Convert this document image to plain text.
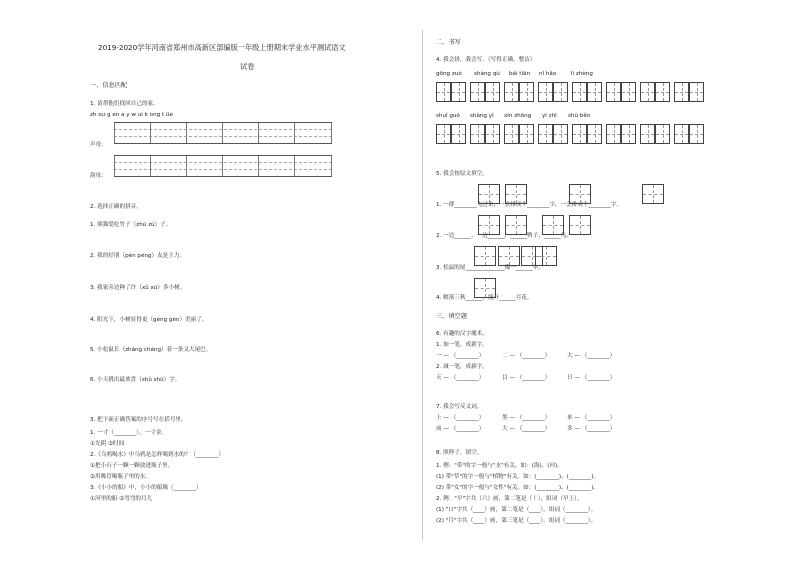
2019-2020学年河南省郑州市高新区部编版一年级上册期末学业水平测试语文
试卷
一、信息匹配
1. 请帮他们找回自己的家。
zh ou g en a y w ui k ong t üe
声母：
韵母：
2. 选择正确的拼音。
1. 熊猫爱吃竹子（zhú zú）子。
2. 我的好朋（pén péng）友是王力。
3. 我家旁边种了许（xǔ xú）多小树。
4. 阳光下，小树显得更（gèng gèn）美丽了。
5. 小松鼠长（zhǎng cháng）着一条又大尾巴。
6. 小天挑出最欢喜（shǔ shū）字。
3. 把下面正确答案的序号写在括号里。
1. 一寸（________），一寸金。
①光阴 ②时间
2.《乌鸦喝水》中乌鸦是怎样喝到水的？（________）
①把小石子一颗一颗放进瓶子里。
②用吸管喝瓶子里的水。
3.《小小的船》中，小小的船像（________）
①河里的船 ②弯弯的月儿
二、书写
4. 我会拼，我会写。（写得正确、整洁）
gōng zuò shàng qù bái tiān nǐ hǎo	lì zhèng
shuǐ guǒ shàng yī xīn zhōng yī zhī shū běn
5. 我会按原文填空。
1. 一群________飞过来，一会排成个________字，一会排成个________字。
2. 一边______，一边______，______鸭子，______鸟。
3. 松鼠的尾______________像一______伞。
4. 解落三秋______，能开______月花。
三、填空题
6. 有趣的汉字魔术。
1. 加一笔，成新字。
一 — （________）	二 — （________）	大 — （________）
2. 减一笔，成新字。
天 — （________）	目 — （________）	日 — （________）
7. 我会写反义词。
上 — （________）	黑 — （________）	来 — （________）
前 — （________）	大 — （________）	多 — （________）
8. 照样子，填空。
1. 例："带"的字一般与"水"有关。如：(海)、(河)。
(1) 带"草"的字一般与"植物"有关。如：(________)、(________)。
(2) 带"女"的字一般与"女性"有关。如：(________)、(________)。
2. 例："早"字共（六）画，第二笔是（丨），组词（早上）。
(1) "口"字共（____）画，第二笔是（____），组词（________）。
(2) "月"字共（____）画，第三笔是（____），组词（________）。
